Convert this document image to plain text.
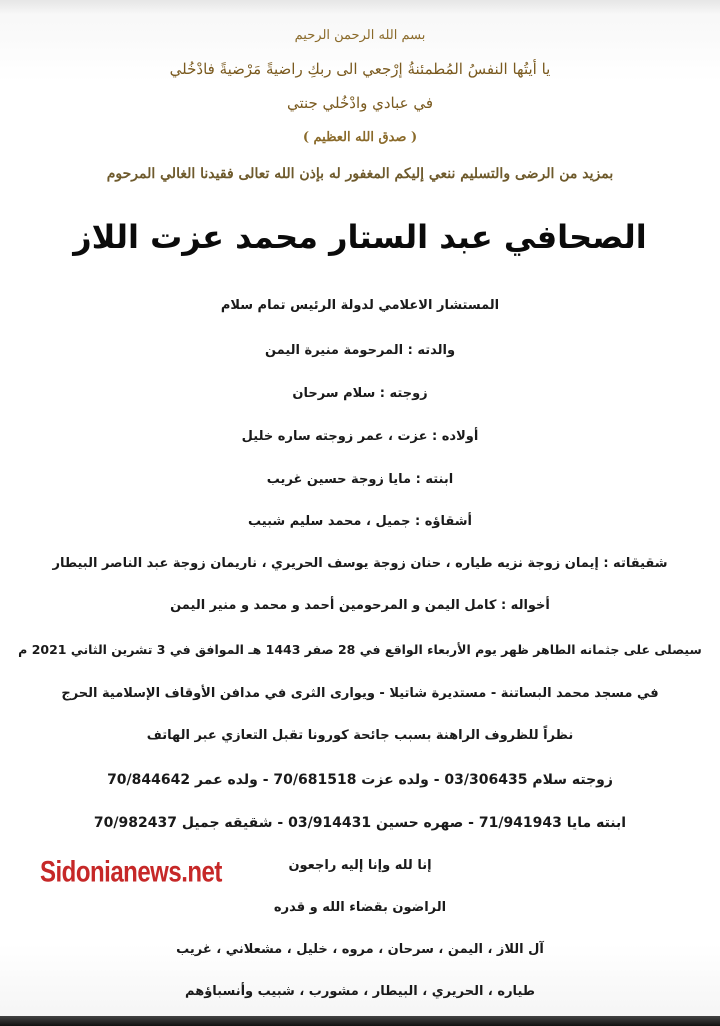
بسم الله الرحمن الرحيم
يا أيتُها النفسُ المُطمئنةُ إرْجعي الى ربكِ راضيةً مَرْضيةً فادْخُلي
في عبادي وادْخُلي جنتي
( صدق الله العظيم )
بمزيد من الرضى والتسليم ننعي إليكم المغفور له بإذن الله تعالى فقيدنا الغالي المرحوم
الصحافي عبد الستار محمد عزت اللاز
المستشار الاعلامي لدولة الرئيس تمام سلام
والدته : المرحومة منيرة اليمن
زوجته : سلام سرحان
أولاده : عزت ، عمر زوجته ساره خليل
ابنته : مايا زوجة حسين غريب
أشقاؤه : جميل ، محمد سليم شبيب
شقيقاته : إيمان زوجة نزيه طياره ، حنان زوجة يوسف الحريري ، ناريمان زوجة عبد الناصر البيطار
أخواله : كامل اليمن و المرحومين أحمد و محمد و منير اليمن
سيصلى على جثمانه الطاهر ظهر يوم الأربعاء الواقع في 28 صفر 1443 هـ الموافق في 3 تشرين الثاني 2021 م
في مسجد محمد البساتنة - مستديرة شاتيلا - ويوارى الثرى في مدافن الأوقاف الإسلامية الحرج
نظراً للظروف الراهنة بسبب جائحة كورونا تقبل التعازي عبر الهاتف
زوجته سلام 03/306435 - ولده عزت 70/681518 - ولده عمر 70/844642
ابنته مايا 71/941943 - صهره حسين 03/914431 - شقيقه جميل 70/982437
إنا لله وإنا إليه راجعون
الراضون بقضاء الله و قدره
آل اللاز ، اليمن ، سرحان ، مروه ، خليل ، مشعلاني ، غريب
طياره ، الحريري ، البيطار ، مشورب ، شبيب وأنسباؤهم
Sidonianews.net
